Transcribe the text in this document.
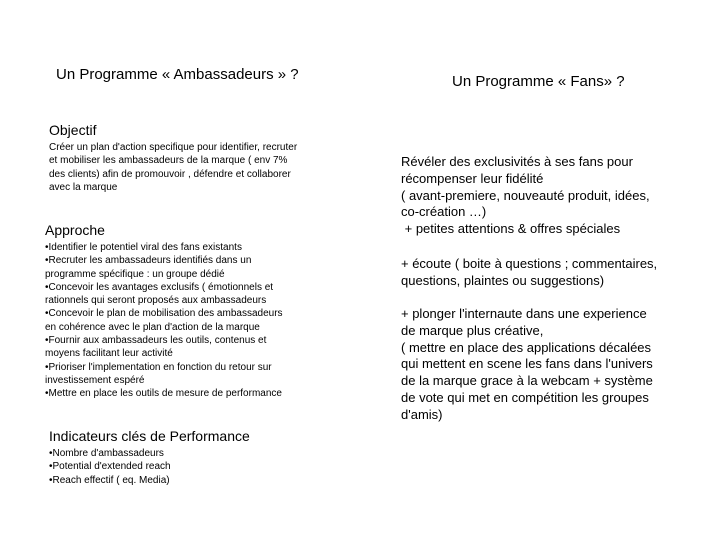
Un Programme « Ambassadeurs » ?
Objectif
Créer un plan d'action specifique pour identifier, recruter
et mobiliser les ambassadeurs de la marque ( env 7%
des clients) afin de promouvoir , défendre et collaborer
avec la marque
Approche
•Identifier le potentiel viral des fans existants
•Recruter les ambassadeurs identifiés dans un
programme spécifique : un groupe dédié
•Concevoir les avantages exclusifs ( émotionnels et
rationnels qui seront proposés aux ambassadeurs
•Concevoir le plan de mobilisation des ambassadeurs
en cohérence avec le plan d'action de la marque
•Fournir aux ambassadeurs les outils, contenus et
moyens facilitant leur activité
•Prioriser l'implementation en fonction du retour sur
investissement espéré
•Mettre en place les outils de mesure de performance
Indicateurs clés de Performance
•Nombre d'ambassadeurs
•Potential d'extended reach
•Reach effectif ( eq. Media)
Un Programme « Fans» ?
Révéler des exclusivités à ses fans pour
récompenser leur fidélité
( avant-premiere, nouveauté produit, idées,
co-création …)
+ petites attentions & offres spéciales
+ écoute ( boite à questions ; commentaires,
questions, plaintes ou suggestions)
+ plonger l'internaute dans une experience
de marque plus créative,
( mettre en place des applications décalées
qui mettent en scene les fans dans l'univers
de la marque grace à la webcam + système
de vote qui met en compétition les groupes
d'amis)
